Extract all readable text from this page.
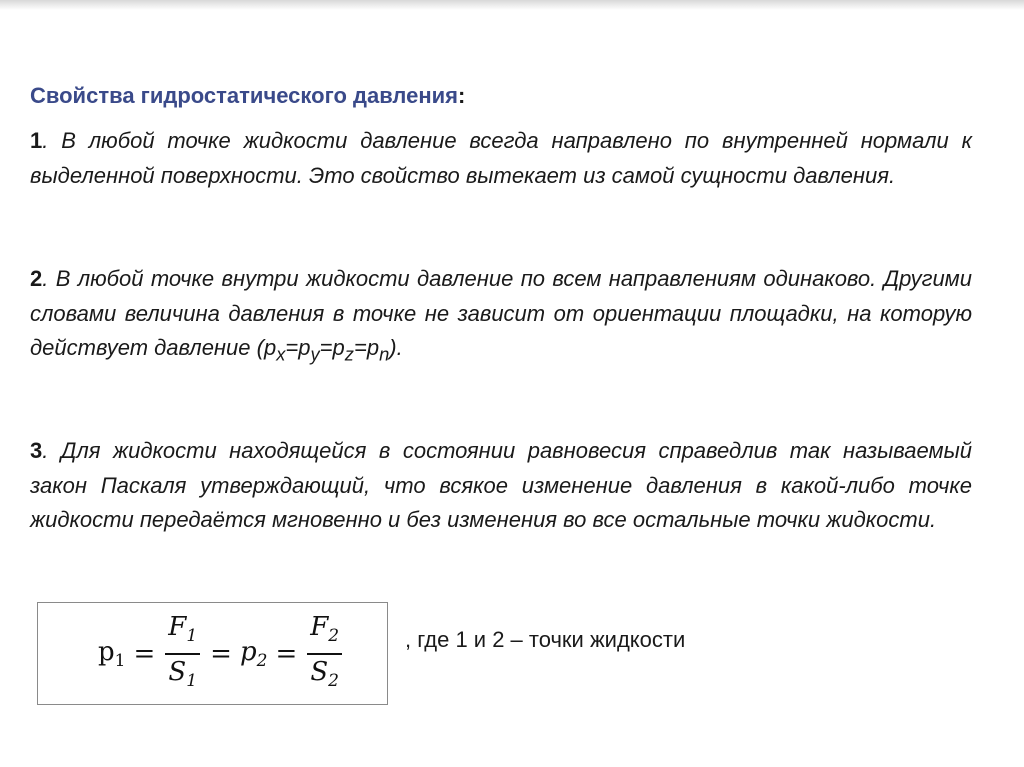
Свойства гидростатического давления:

1. В любой точке жидкости давление всегда направлено по внутренней нормали к выделенной поверхности. Это свойство вытекает из самой сущности давления.

2. В любой точке внутри жидкости давление по всем направлениям одинаково. Другими словами величина давления в точке не зависит от ориентации площадки, на которую действует давление $(p_x=p_y=p_z=p_n)$.

3. Для жидкости находящейся в состоянии равновесия справедлив так называемый закон Паскаля утверждающий, что всякое изменение давления в какой-либо точке жидкости передаётся мгновенно и без изменения во все остальные точки жидкости.

$p_1 = \frac{F_1}{S_1} = p_2 = \frac{F_2}{S_2}$	, где 1 и 2 – точки жидкости
